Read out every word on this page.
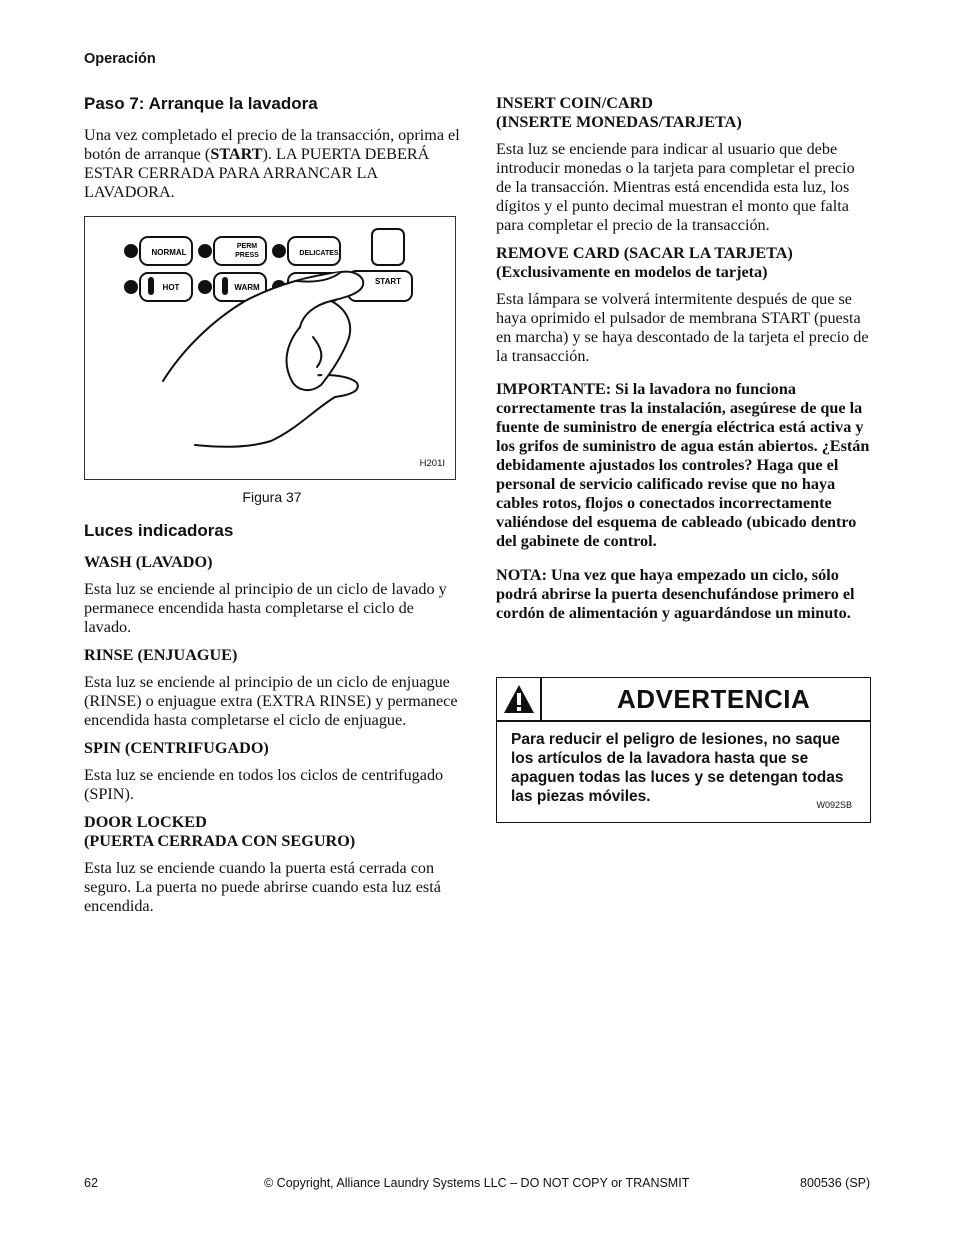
Operación
Paso 7: Arranque la lavadora

Una vez completado el precio de la transacción, oprima el botón de arranque (START). LA PUERTA DEBERÁ ESTAR CERRADA PARA ARRANCAR LA LAVADORA.

NORMAL
PERM
PRESS	DELICATES
HOT	WARM
START
H201I
Figura 37
Luces indicadoras
WASH (LAVADO)

Esta luz se enciende al principio de un ciclo de lavado y permanece encendida hasta completarse el ciclo de lavado.

RINSE (ENJUAGUE)

Esta luz se enciende al principio de un ciclo de enjuague (RINSE) o enjuague extra (EXTRA RINSE) y permanece encendida hasta completarse el ciclo de enjuague.

SPIN (CENTRIFUGADO)

Esta luz se enciende en todos los ciclos de centrifugado (SPIN).

DOOR LOCKED
(PUERTA CERRADA CON SEGURO)

Esta luz se enciende cuando la puerta está cerrada con seguro. La puerta no puede abrirse cuando esta luz está encendida.

INSERT COIN/CARD
(INSERTE MONEDAS/TARJETA)

Esta luz se enciende para indicar al usuario que debe introducir monedas o la tarjeta para completar el precio de la transacción. Mientras está encendida esta luz, los dígitos y el punto decimal muestran el monto que falta para completar el precio de la transacción.

REMOVE CARD (SACAR LA TARJETA)
(Exclusivamente en modelos de tarjeta)

Esta lámpara se volverá intermitente después de que se haya oprimido el pulsador de membrana START (puesta en marcha) y se haya descontado de la tarjeta el precio de la transacción.

IMPORTANTE: Si la lavadora no funciona correctamente tras la instalación, asegúrese de que la fuente de suministro de energía eléctrica está activa y los grifos de suministro de agua están abiertos. ¿Están debidamente ajustados los controles? Haga que el personal de servicio calificado revise que no haya cables rotos, flojos o conectados incorrectamente valiéndose del esquema de cableado (ubicado dentro del gabinete de control.
NOTA: Una vez que haya empezado un ciclo, sólo podrá abrirse la puerta desenchufándose primero el cordón de alimentación y aguardándose un minuto.
ADVERTENCIA
Para reducir el peligro de lesiones, no saque los artículos de la lavadora hasta que se apaguen todas las luces y se detengan todas las piezas móviles.	W092SB
62	© Copyright, Alliance Laundry Systems LLC – DO NOT COPY or TRANSMIT	800536 (SP)
